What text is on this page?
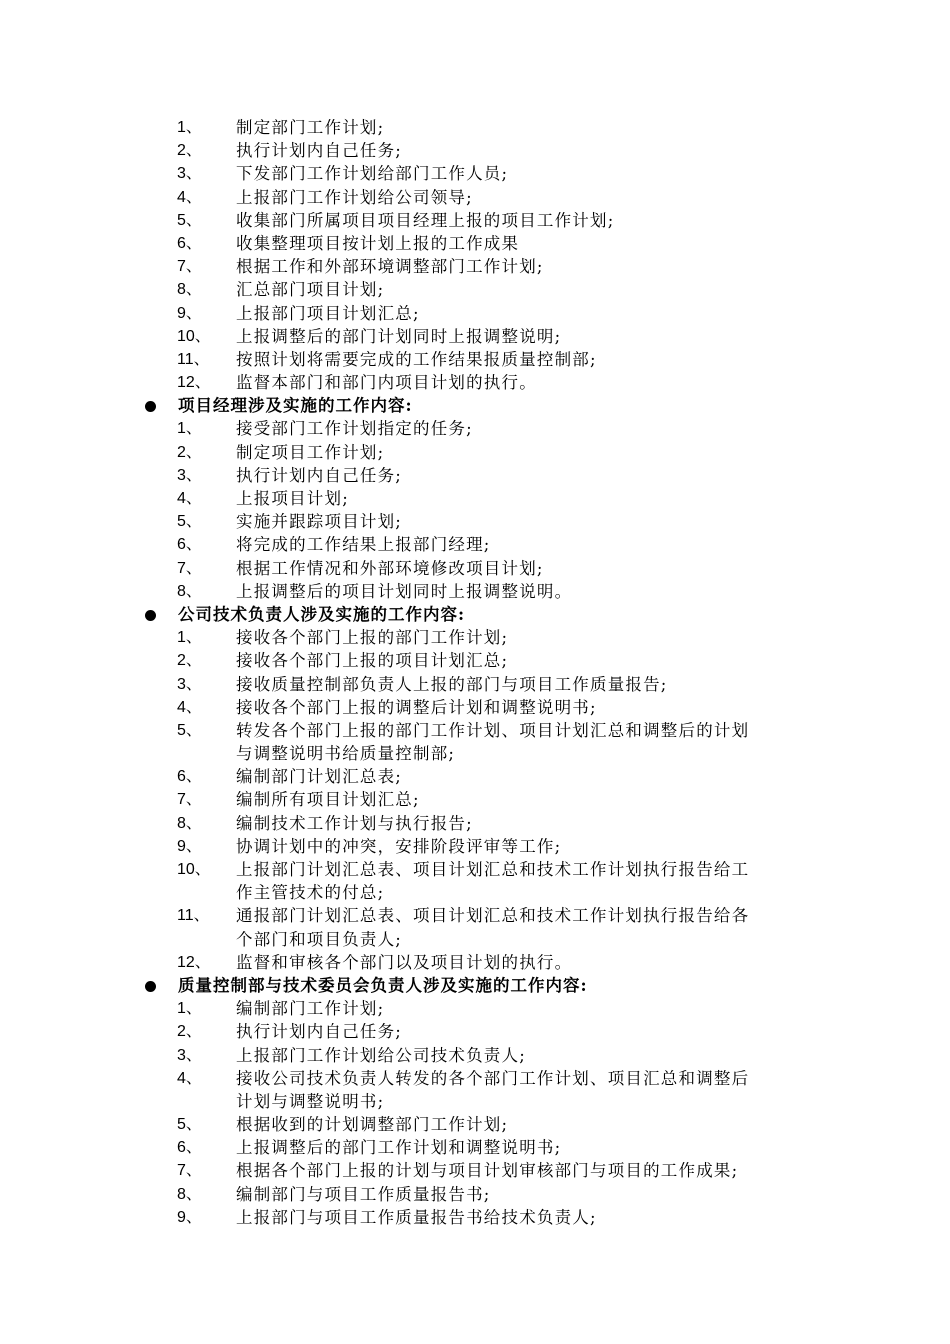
1、 制定部门工作计划;
2、 执行计划内自己任务;
3、 下发部门工作计划给部门工作人员;
4、 上报部门工作计划给公司领导;
5、 收集部门所属项目项目经理上报的项目工作计划;
6、 收集整理项目按计划上报的工作成果
7、 根据工作和外部环境调整部门工作计划;
8、 汇总部门项目计划;
9、 上报部门项目计划汇总;
10、 上报调整后的部门计划同时上报调整说明;
11、 按照计划将需要完成的工作结果报质量控制部;
12、 监督本部门和部门内项目计划的执行。
项目经理涉及实施的工作内容:
1、 接受部门工作计划指定的任务;
2、 制定项目工作计划;
3、 执行计划内自己任务;
4、 上报项目计划;
5、 实施并跟踪项目计划;
6、 将完成的工作结果上报部门经理;
7、 根据工作情况和外部环境修改项目计划;
8、 上报调整后的项目计划同时上报调整说明。
公司技术负责人涉及实施的工作内容:
1、 接收各个部门上报的部门工作计划;
2、 接收各个部门上报的项目计划汇总;
3、 接收质量控制部负责人上报的部门与项目工作质量报告;
4、 接收各个部门上报的调整后计划和调整说明书;
5、 转发各个部门上报的部门工作计划、项目计划汇总和调整后的计划
与调整说明书给质量控制部;
6、 编制部门计划汇总表;
7、 编制所有项目计划汇总;
8、 编制技术工作计划与执行报告;
9、 协调计划中的冲突，安排阶段评审等工作;
10、 上报部门计划汇总表、项目计划汇总和技术工作计划执行报告给工
作主管技术的付总;
11、 通报部门计划汇总表、项目计划汇总和技术工作计划执行报告给各
个部门和项目负责人;
12、 监督和审核各个部门以及项目计划的执行。
质量控制部与技术委员会负责人涉及实施的工作内容:
1、 编制部门工作计划;
2、 执行计划内自己任务;
3、 上报部门工作计划给公司技术负责人;
4、 接收公司技术负责人转发的各个部门工作计划、项目汇总和调整后
计划与调整说明书;
5、 根据收到的计划调整部门工作计划;
6、 上报调整后的部门工作计划和调整说明书;
7、 根据各个部门上报的计划与项目计划审核部门与项目的工作成果;
8、 编制部门与项目工作质量报告书;
9、 上报部门与项目工作质量报告书给技术负责人;
